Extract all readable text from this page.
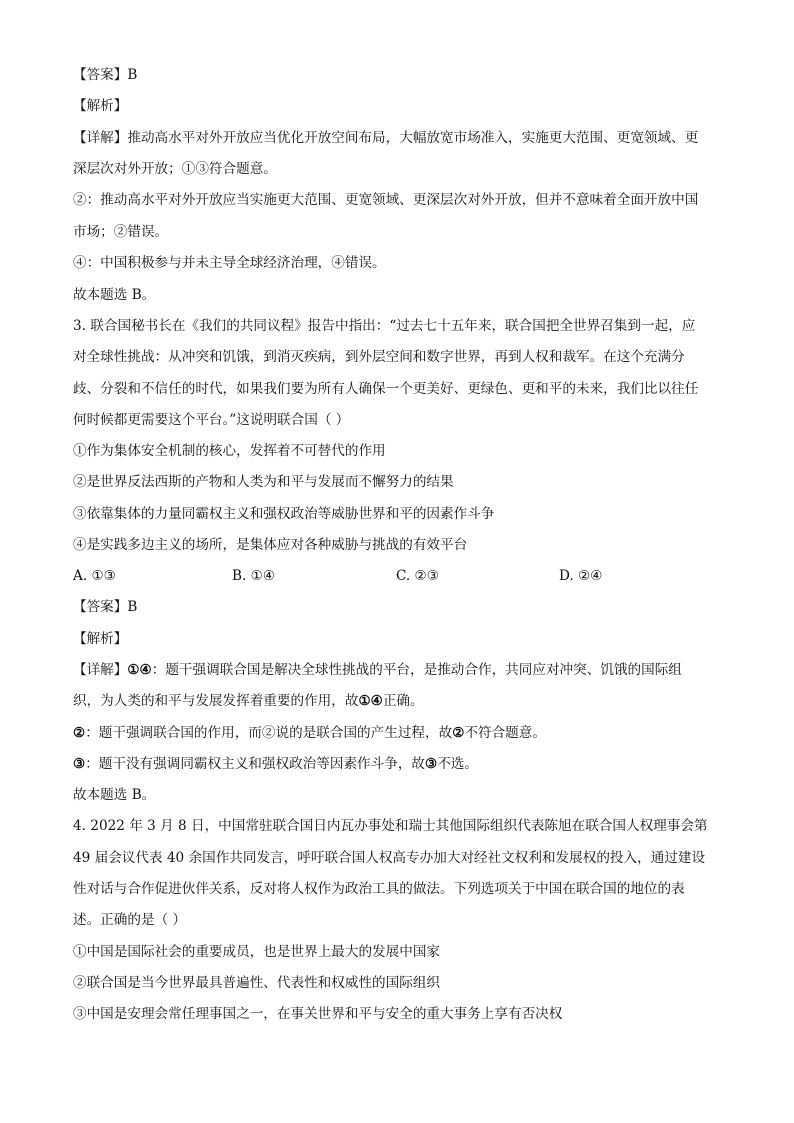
【答案】B
【解析】
【详解】推动高水平对外开放应当优化开放空间布局，大幅放宽市场准入，实施更大范围、更宽领域、更
深层次对外开放；①③符合题意。
②：推动高水平对外开放应当实施更大范围、更宽领域、更深层次对外开放，但并不意味着全面开放中国
市场；②错误。
④：中国积极参与并未主导全球经济治理，④错误。
故本题选 B。
3. 联合国秘书长在《我们的共同议程》报告中指出：“过去七十五年来，联合国把全世界召集到一起，应
对全球性挑战：从冲突和饥饿，到消灭疾病，到外层空间和数字世界，再到人权和裁军。在这个充满分
歧、分裂和不信任的时代，如果我们要为所有人确保一个更美好、更绿色、更和平的未来，我们比以往任
何时候都更需要这个平台。”这说明联合国（ ）
①作为集体安全机制的核心，发挥着不可替代的作用
②是世界反法西斯的产物和人类为和平与发展而不懈努力的结果
③依靠集体的力量同霸权主义和强权政治等威胁世界和平的因素作斗争
④是实践多边主义的场所，是集体应对各种威胁与挑战的有效平台
A. ①③	B. ①④	C. ②③	D. ②④
【答案】B
【解析】
【详解】①④：题干强调联合国是解决全球性挑战的平台，是推动合作，共同应对冲突、饥饿的国际组
织，为人类的和平与发展发挥着重要的作用，故①④正确。
②：题干强调联合国的作用，而②说的是联合国的产生过程，故②不符合题意。
③：题干没有强调同霸权主义和强权政治等因素作斗争，故③不选。
故本题选 B。
4. 2022 年 3 月 8 日，中国常驻联合国日内瓦办事处和瑞士其他国际组织代表陈旭在联合国人权理事会第
49 届会议代表 40 余国作共同发言，呼吁联合国人权高专办加大对经社文权利和发展权的投入，通过建设
性对话与合作促进伙伴关系，反对将人权作为政治工具的做法。下列选项关于中国在联合国的地位的表
述。正确的是（ ）
①中国是国际社会的重要成员，也是世界上最大的发展中国家
②联合国是当今世界最具普遍性、代表性和权威性的国际组织
③中国是安理会常任理事国之一，在事关世界和平与安全的重大事务上享有否决权
